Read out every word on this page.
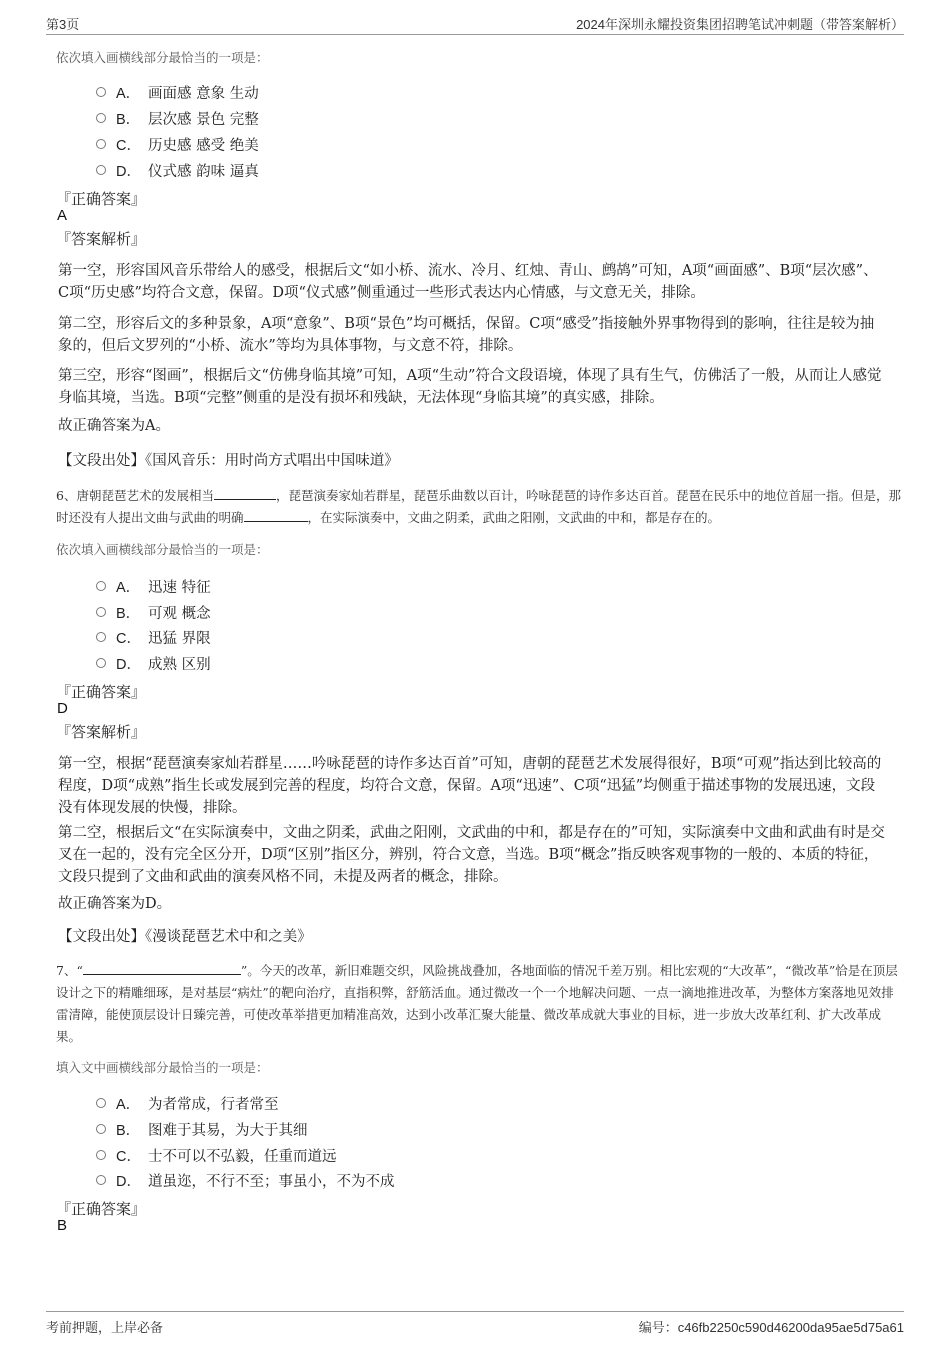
第3页	2024年深圳永耀投资集团招聘笔试冲刺题（带答案解析）
依次填入画横线部分最恰当的一项是：
A． 画面感 意象 生动
B． 层次感 景色 完整
C． 历史感 感受 绝美
D． 仪式感 韵味 逼真
『正确答案』
A
『答案解析』
第一空，形容国风音乐带给人的感受，根据后文“如小桥、流水、冷月、红烛、青山、鹧鸪”可知，A项“画面感”、B项“层次感”、C项“历史感”均符合文意，保留。D项“仪式感”侧重通过一些形式表达内心情感，与文意无关，排除。
第二空，形容后文的多种景象，A项“意象”、B项“景色”均可概括，保留。C项“感受”指接触外界事物得到的影响，往往是较为抽象的，但后文罗列的“小桥、流水”等均为具体事物，与文意不符，排除。
第三空，形容“图画”，根据后文“仿佛身临其境”可知，A项“生动”符合文段语境，体现了具有生气，仿佛活了一般，从而让人感觉身临其境，当选。B项“完整”侧重的是没有损坏和残缺，无法体现“身临其境”的真实感，排除。
故正确答案为A。
【文段出处】《国风音乐：用时尚方式唱出中国味道》
6、唐朝琵琶艺术的发展相当	，琵琶演奏家灿若群星，琵琶乐曲数以百计，吟咏琵琶的诗作多达百首。琵琶在民乐中的地位首屈一指。但是，那时还没有人提出文曲与武曲的明确	，在实际演奏中，文曲之阴柔，武曲之阳刚，文武曲的中和，都是存在的。
依次填入画横线部分最恰当的一项是：
A． 迅速 特征
B． 可观 概念
C． 迅猛 界限
D． 成熟 区别
『正确答案』
D
『答案解析』
第一空，根据“琵琶演奏家灿若群星……吟咏琵琶的诗作多达百首”可知，唐朝的琵琶艺术发展得很好，B项“可观”指达到比较高的程度，D项“成熟”指生长或发展到完善的程度，均符合文意，保留。A项“迅速”、C项“迅猛”均侧重于描述事物的发展迅速，文段没有体现发展的快慢，排除。
第二空，根据后文“在实际演奏中，文曲之阴柔，武曲之阳刚，文武曲的中和，都是存在的”可知，实际演奏中文曲和武曲有时是交叉在一起的，没有完全区分开，D项“区别”指区分，辨别，符合文意，当选。B项“概念”指反映客观事物的一般的、本质的特征，文段只提到了文曲和武曲的演奏风格不同，未提及两者的概念，排除。
故正确答案为D。
【文段出处】《漫谈琵琶艺术中和之美》
7、“	”。今天的改革，新旧难题交织，风险挑战叠加，各地面临的情况千差万别。相比宏观的“大改革”，“微改革”恰是在顶层设计之下的精雕细琢，是对基层“病灶”的靶向治疗，直指积弊，舒筋活血。通过微改一个一个地解决问题、一点一滴地推进改革，为整体方案落地见效排雷清障，能使顶层设计日臻完善，可使改革举措更加精准高效，达到小改革汇聚大能量、微改革成就大事业的目标，进一步放大改革红利、扩大改革成果。
填入文中画横线部分最恰当的一项是：
A． 为者常成，行者常至
B． 图难于其易，为大于其细
C． 士不可以不弘毅，任重而道远
D． 道虽迩，不行不至；事虽小，不为不成
『正确答案』
B
考前押题，上岸必备	编号：c46fb2250c590d46200da95ae5d75a61
